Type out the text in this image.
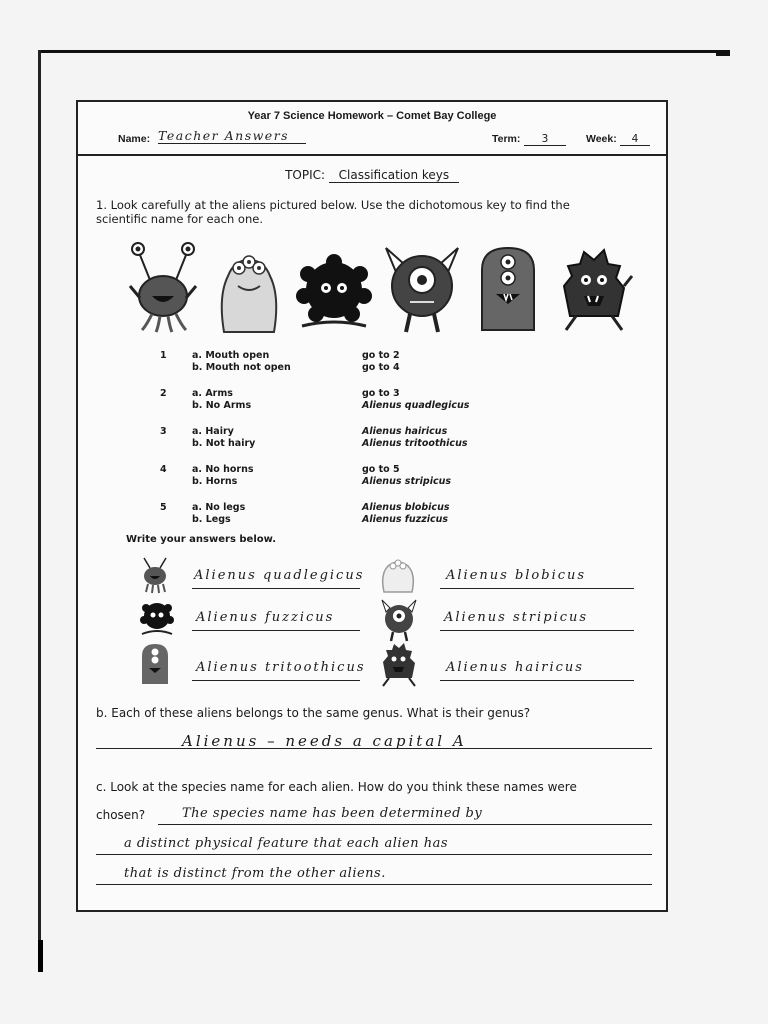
Year 7 Science Homework – Comet Bay College
Name: Teacher Answers	Term:	3	Week:	4
TOPIC: Classification keys
1. Look carefully at the aliens pictured below. Use the dichotomous key to find the scientific name for each one.
1	a. Mouth open	go to 2
b. Mouth not open	go to 4
2	a. Arms	go to 3
b. No Arms	Alienus quadlegicus
3	a. Hairy	Alienus hairicus
b. Not hairy	Alienus tritoothicus
4	a. No horns	go to 5
b. Horns	Alienus stripicus
5	a. No legs	Alienus blobicus
b. Legs	Alienus fuzzicus
Write your answers below.
Alienus quadlegicus	Alienus blobicus
Alienus fuzzicus	Alienus stripicus
Alienus tritoothicus	Alienus hairicus
b. Each of these aliens belongs to the same genus. What is their genus?
Alienus – needs a capital A
c. Look at the species name for each alien. How do you think these names were
chosen?	The species name has been determined by
a distinct physical feature that each alien has
that is distinct from the other aliens.
